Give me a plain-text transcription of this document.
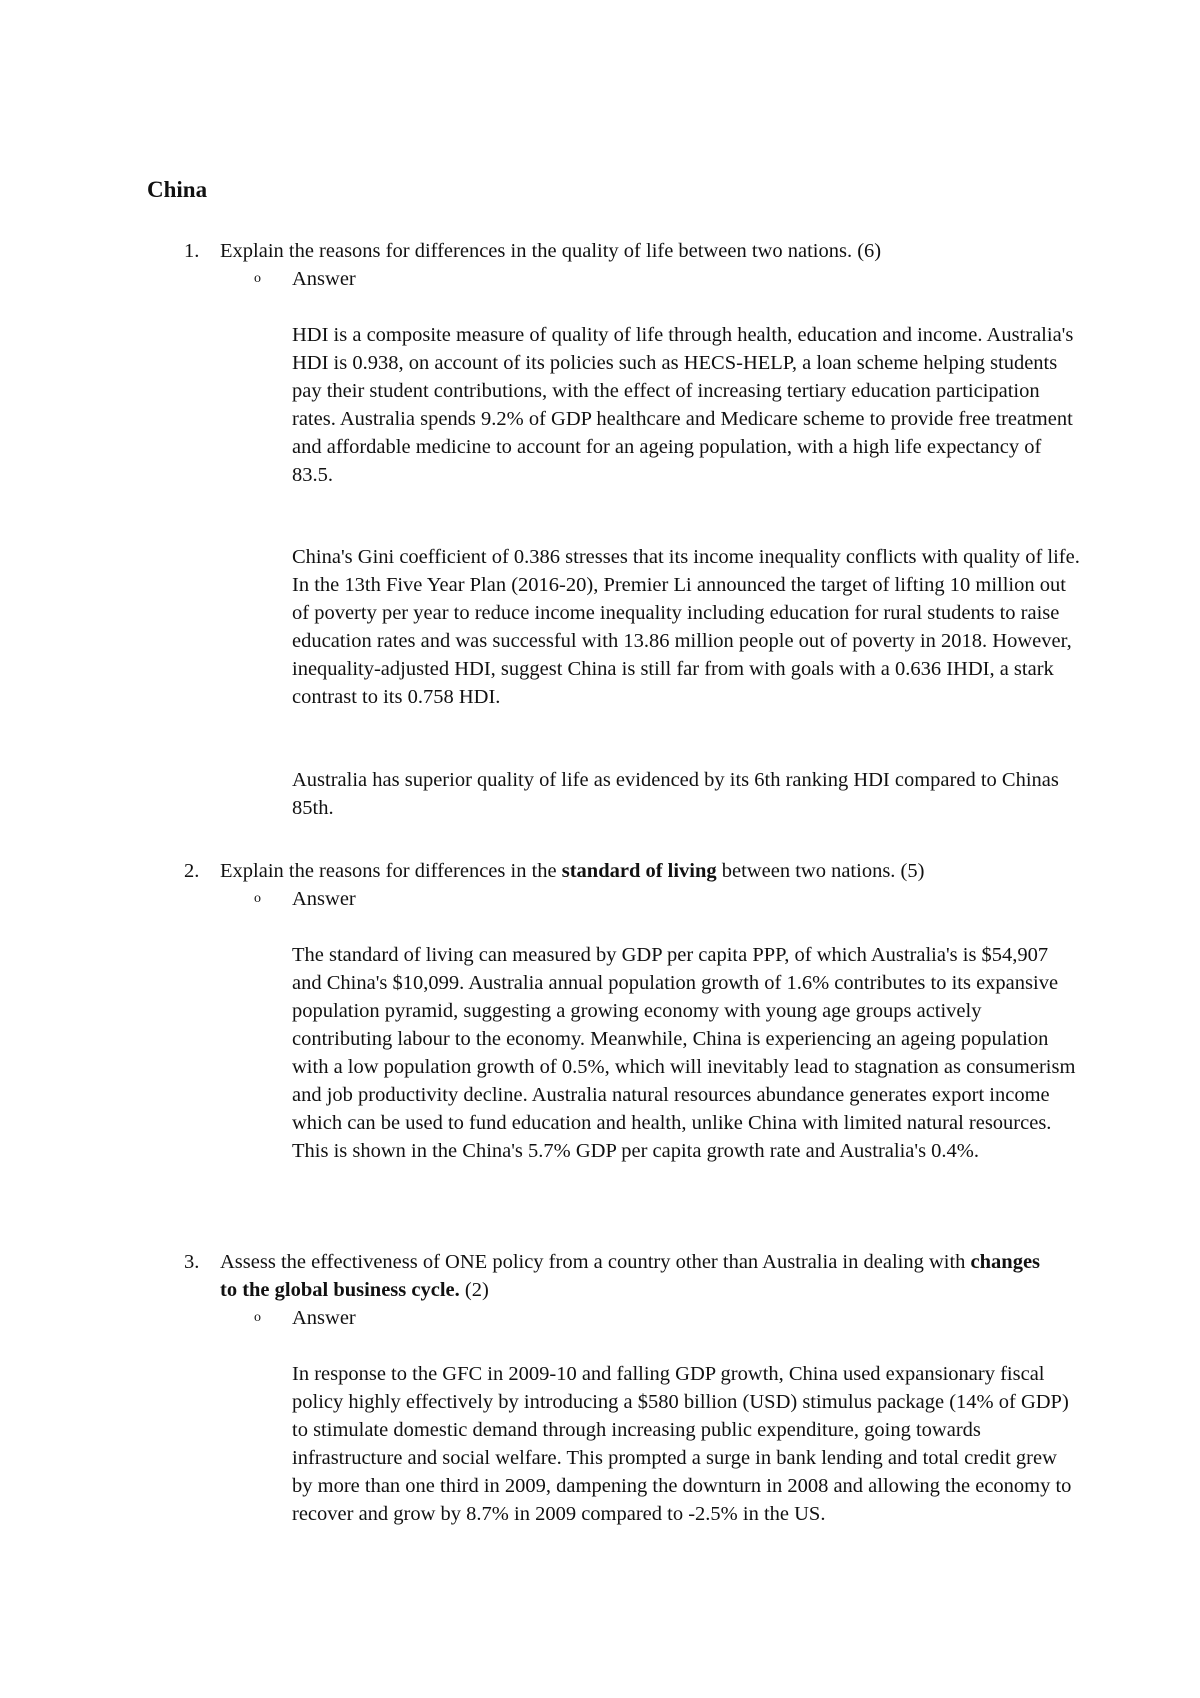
China
1. Explain the reasons for differences in the quality of life between two nations. (6)
o Answer

HDI is a composite measure of quality of life through health, education and income. Australia's HDI is 0.938, on account of its policies such as HECS-HELP, a loan scheme helping students pay their student contributions, with the effect of increasing tertiary education participation rates. Australia spends 9.2% of GDP healthcare and Medicare scheme to provide free treatment and affordable medicine to account for an ageing population, with a high life expectancy of 83.5.

China's Gini coefficient of 0.386 stresses that its income inequality conflicts with quality of life. In the 13th Five Year Plan (2016-20), Premier Li announced the target of lifting 10 million out of poverty per year to reduce income inequality including education for rural students to raise education rates and was successful with 13.86 million people out of poverty in 2018. However, inequality-adjusted HDI, suggest China is still far from with goals with a 0.636 IHDI, a stark contrast to its 0.758 HDI.

Australia has superior quality of life as evidenced by its 6th ranking HDI compared to Chinas 85th.

2. Explain the reasons for differences in the standard of living between two nations. (5)
o Answer

The standard of living can measured by GDP per capita PPP, of which Australia's is $54,907 and China's $10,099. Australia annual population growth of 1.6% contributes to its expansive population pyramid, suggesting a growing economy with young age groups actively contributing labour to the economy. Meanwhile, China is experiencing an ageing population with a low population growth of 0.5%, which will inevitably lead to stagnation as consumerism and job productivity decline. Australia natural resources abundance generates export income which can be used to fund education and health, unlike China with limited natural resources. This is shown in the China's 5.7% GDP per capita growth rate and Australia's 0.4%.

3. Assess the effectiveness of ONE policy from a country other than Australia in dealing with changes to the global business cycle. (2)
o Answer

In response to the GFC in 2009-10 and falling GDP growth, China used expansionary fiscal policy highly effectively by introducing a $580 billion (USD) stimulus package (14% of GDP) to stimulate domestic demand through increasing public expenditure, going towards infrastructure and social welfare. This prompted a surge in bank lending and total credit grew by more than one third in 2009, dampening the downturn in 2008 and allowing the economy to recover and grow by 8.7% in 2009 compared to -2.5% in the US.
